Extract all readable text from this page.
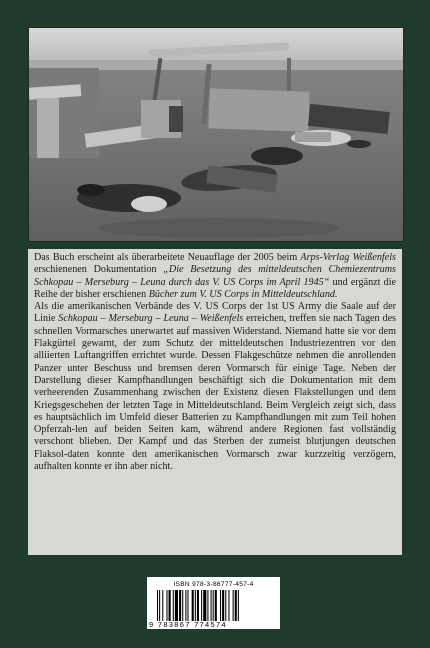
Das Buch erscheint als überarbeitete Neuauflage der 2005 beim Arps-Verlag Weißenfels erschienenen Dokumentation „Die Besetzung des mitteldeutschen Chemiezentrums Schkopau – Merseburg – Leuna durch das V. US Corps im April 1945“ und ergänzt die Reihe der bisher erschienen Bücher zum V. US Corps in Mitteldeutschland.
Als die amerikanischen Verbände des V. US Corps der 1st US Army die Saale auf der Linie Schkopau – Merseburg – Leuna – Weißenfels erreichen, treffen sie nach Tagen des schnellen Vormarsches unerwartet auf massiven Widerstand. Niemand hatte sie vor dem Flakgürtel gewarnt, der zum Schutz der mitteldeutschen Industriezentren vor den alliierten Luftangriffen errichtet wurde. Dessen Flakgeschütze nehmen die anrollenden Panzer unter Beschuss und bremsen deren Vormarsch für einige Tage. Neben der Darstellung dieser Kampfhandlungen beschäftigt sich die Dokumentation mit dem verheerenden Zusammenhang zwischen der Existenz diesen Flakstellungen und dem Kriegsgeschehen der letzten Tage in Mitteldeutschland. Beim Vergleich zeigt sich, dass es hauptsächlich im Umfeld dieser Batterien zu Kampfhandlungen mit zum Teil hohen Opferzah-len auf beiden Seiten kam, während andere Regionen fast vollständig verschont blieben. Der Kampf und das Sterben der zumeist blutjungen deutschen Flaksol-daten konnte den amerikanischen Vormarsch zwar kurzzeitig verzögern, aufhalten konnte er ihn aber nicht.

ISBN 978-3-86777-457-4
9 783867 774574
